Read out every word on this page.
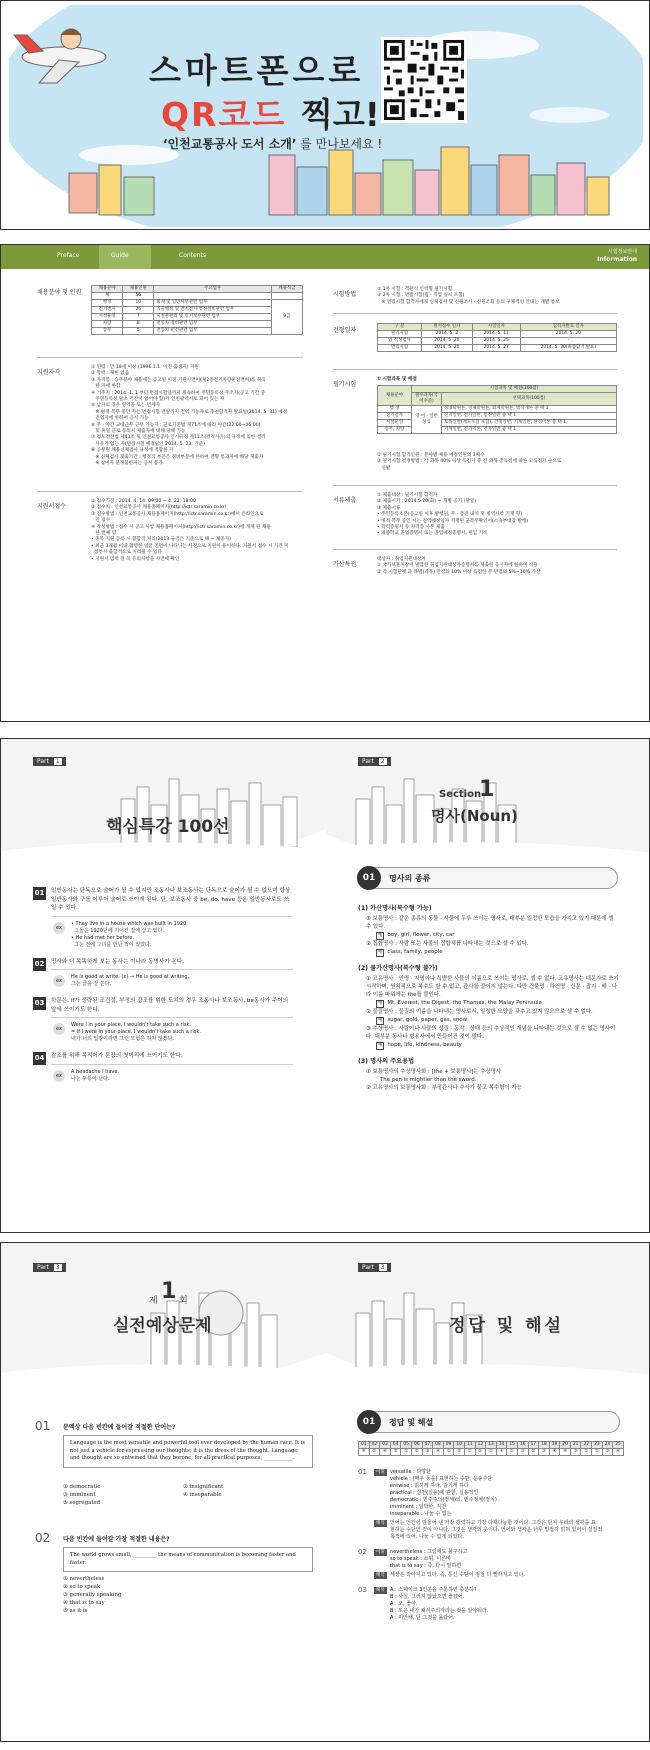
스마트폰으로
QR코드 찍고!
‘인천교통공사 도서 소개’ 를 만나보세요 !
Preface	Guide	Contents	시험정보안내
Information
채용분야 및 인원
채용분야	채용인원	주요업무	채용직급
계	56		
행정	10	회계 및 일반사무관련 업무	9급
전기전자	26	기술행정 및 전기전자 통신설비관련 업무	
시설운영	7	시설물관리 및 유지보수관련 업무	
차량	8	전동차 정비관련 업무	
승무	5	전동차 운전관련 업무	
지원자격
① 연령 : 만 18세 이상 (1996.1.1. 이전 출생자) 지원
② 학력 : 제한 없음
③ 자격증 : 승무분야 채용에는 공고일 이전 기관사면허(제2종전기차량운전면허)를 취득
한 자에 한함
④ 거주지 : 2014. 1. 1 부터 면접시험일까지 계속하여 주민등록상 주소지(공고 기간 중
주민등록상 말소 기간이 없어야 함)가 인천광역시로 되어 있는 자
⑤ 남자의 경우 병역을 또는 면제자
※ 현재 복무 중인 자는 면접시험 전일까지 전역 가능자로 추천합격자 발표일(2014. 5. 31) 예정
전임자에 한하여 응시 가능
⑥ 주 · 야간 교대근무 근무 가능자 : 근로기준법 제71조에 따라 야간(22:00~06:00)
및 휴일 근로 동의서 제출자에 대해 당해 가능
⑦ 청도전산법 제41조 및 인천교통공사 인사규정 제11조(결격사유)의 규정에 의한 결격
사유가 없는 자(면접시험 예정일인 2014. 5. 23. 기준)
⑧ 공무원 채용신체검사 규정에 적합한 자
※ 신체검사 제출기간 : 행정직 부문은 정비부문에 한하여 전형 통과자에 해당 제출자
※ 참여자 분쟁불한자는 응시 불가
지원서접수
① 접수기간 : 2014. 4. 14. 09:00 ~ 4. 22. 18:00
② 접수처 : 인천교통공사 채용홈페이지(http://ictr.saramin.co.kr)
③ 접수방법 : 인천교통공사 채용홈페이지(http://ictr.saramin.co.kr)에서 온라인으로
만 접수
④ 작성방법 : 접수 시 공고 사항 채용홈페이지(http://ictr.saramin.co.kr)에 게재 된 채용
한 번째 영
• 중복 지원 등록 시 불합격 처리(2013 규격은 기준으로 해 ~ 제공자)
• 최근 3개월 이내 촬영한 얼굴 전면이 나타나는 사진으로 지원이 용이하다. 지원서 접수 시 사진 미
첨부시 불합격으로 처리될 수 있다
• 지원서 입력 전 꼭 유의사항을 사전에 확인
시험방법
① 1차 시험 : 객관식 인력형 필기시험
② 2차 시험 : 면접시험(집 · 직업 실시 포함)
※ 면접시험 합격자에게 신체검사 및 신원조사 · 신원조회 등의 구체적인 안내는 개별 통보
전형일자
구 분	원서접수 일자	시험일자	합격자발표 일자
필기시험	2014. 5. 2	2014. 5. 11	2014. 5. 20
인 적성검사	2014. 5. 20	2014. 5. 25	-
면접시험	2014. 5. 20	2014. 5. 27	2014. 5. 30(최종합격 발표)
필기시험
① 시험과목 및 배점
채용분야	시험과목 및 배점(300점)	
	필수과목(국어수준)	선택과목(100점)
행 정	영 어 · 일반상식	경영학원론, 경제학원론, 회계학원론, 법학개론 중 택 1
전기전자		전기일반, 전자일반, 통신일반 중 택 1
시설운영		토목일반(계도포함 포함), 건축일반, 기계일반, 환경이론 중 택 1
승무, 차량		기계일반, 전기이론, 전자일반 중 택 1
② 필기시험 합격인원 : 분야별 채용 예정인원의 3배수
③ 필기시험 결정방법 : 각 과목 40% 이상 득점자 중 전 과목 총득점에 따른 고득점자 순으로
선발
서류제출
① 제출대상 : 필기시험 합격자
② 제출시기 : 2014.5.20(화) ~ 개별 공지 (당일)
③ 제출서류
• 주민등록초본(공고일 이후 발행된, 주 · 총전 내역 및 병역사항 기재 형)
• 병적 복무 증인 서는 전역예정일자 기재된 군복무확인서(소속부대장 발행)
• 학력증명서 등 자격증 사본 제출
• 최종학교 졸업증명서 또는 졸업예정증명서, 편입 기록
가산특전
대상자 : 취업지원대상자
① 국가보훈처장이 발급한 취업지원대상자증명서를 제출한 응시자에 한하여 적용
② 각 시험단계 과 목별(과목) 만점의 10% 이상 득점한 분 만점의 5%~10% 가산
Part 1
핵심특강 100선
01 일반동사는 단독으로 술어가 될 수 있지만 조동사나 보조동사는 단독으로 술어가 될 수 없으며 항상 일반동사와 구를 이루어 술어로 쓰이게 된다. 단, 보조동사 중 be, do, have 등은 일반동사로도 쓰일 수 있다.
ex
• They live in a house which was built in 1920.
그들은 1920년에 지어진 집에 살고 있다.
• He had met her before.
그는 전에 그녀를 만난 적이 있었다.
02 명사와 더 똑똑하게 보는 동사는 이나라 동명사가 온다.
ex
He is good at write. (x) → He is good at writing.
그는 글을 잘 쓴다.
03 하문은, if가 생략된 조건절, 부정의 강조를 위한 도치의 경우 조동사나 보조동사, be동사가 주어의 앞에 쓰이기도 한다.
ex
Were I in your place, I wouldn't take such a risk.
= If I were in your place, I wouldn't take such a risk.
내가 너의 입장이라면 그런 모험은 하지 않겠다.
04 감조를 위해 목적어가 문장의 첫머리에 쓰이기도 한다.
ex
A headache I have.
나는 두통이 난다.
Part 2
Section
1
명사(Noun)
01	명사의 종류
(1) 가산명사(복수형 가능)
① 보통명사 : 같은 종류의 동물 · 사물에 두루 쓰이는 명사로, 대부분 일정한 모습을 가지고 있기 때문에 셀 수 있다.
예 boy, girl, flower, city, car
② 집합명사 : 사람 또는 사물의 집합체를 나타내는 것으로 셀 수 있다.
예 class, family, people
(2) 불가산명사(복수형 불가)
① 고유명사 : 인명 · 지명이나 특별한 사물의 이름으로 쓰이는 명사로, 셀 수 없다. 고유명사는 대문자로 쓰기 시작하며, 원칙적으로 복수도 할 수 없고, 관사를 붙이지 않는다. 다만 건물명 · 하천명 · 신문 · 잡지 · 배 · 나라 이름 따위에는 the를 붙인다.
예 Mt. Everest, the Digest, the Thames, the Malay Peninsula
② 물질명사 : 물질의 이름을 나타내는 명사로서, 일정한 모양을 갖추고 있지 않으므로 셀 수 없다.
예 sugar, gold, paper, gas, snow
③ 추상명사 : 사람이나 사물의 성질 · 동작 · 상태 등의 추상적인 개념을 나타내는 것으로 셀 수 없는 명사이다. 대부분 동사나 형용사에서 만들어진 것이 많다.
예 hope, life, kindness, beauty
(3) 명사의 주요용법
① 보통명사의 추상명사화 : [the + 보통명사]는 추상명사
The pen is mightier than the sword.
② 고유명사의 보통명사화 : 부정관사나 수사가 붙고 복수형이 가능
Part 3
제 1 회
실전예상문제
01 문맥상 다음 빈칸에 들어갈 적절한 단어는?
Language is the most versatile and powerful tool ever developed by the human race. It is not just a vehicle for expressing our thoughts; it is the dress of the thought. Language and thought are so entwined that they borone, for all practical purposes, ___________.
① democratic	② insignificant③ imminent	④ inseparable⑤ segregated
02 다음 빈칸에 들어갈 가장 적절한 내용은?
The world grows small, _________ the means of communication is becoming faster and faster.
① nevertheless
② so to speak
③ generally speaking
④ that is to say
⑤ as it is
Part 3
정답 및 해설
01	정답 및 해설
01	02	03	04	05	06	07	08	09	10	11	12	13	14	15	16	17	18	19	20	21	22	23	24	25
④	②	④	⑤	①	②	③	④	③	⑤	②	①	②	④	①	③	②	③	④	④	⑤	①	②	③	④
01	어휘	versatile : 다양한
vehicle : (매우 등을) 표현하는 수단, 운송수단
entwise : 얽히게 하다, 감기게 하다
practical : 실천(실용)에 관한, 실용적인
democratic : 민주주의(정체)의, 민주정체(정치)
imminent : 임박한, 직전
inseparable : 나눌 수 없는
해석	언어는 인간이 만들어 낸 가장 강력하고 가장 다재다능한 것이다. 그것은 단지 우리의 생각을 표
현하는 수단인 것이 아니다. 그것은 생각의 옷이다. 언어와 생각은 너무 밀접히 얽혀 있어서 실질적
목적에 있어, 나눌 수 없게 되었다.
02	어휘	nevertheless : 그럼에도 불구하고
so to speak : 소위, 이른바
that is to say : 즉, 다시 말하면
해석	세상은 작아지고 있다. 즉, 통신 수단이 점점 더 빨라지고 있다.
03	해석	A : 스페이크 3인분을 주문하면 충분하?
B : 사실, 그러지 않았으면 좋겠어.
A : 오, 좋아.
B : 또은 내가 채식주의자라는 것을 알아둬라.
A : 미안해, 난 그것을 몰랐어.
